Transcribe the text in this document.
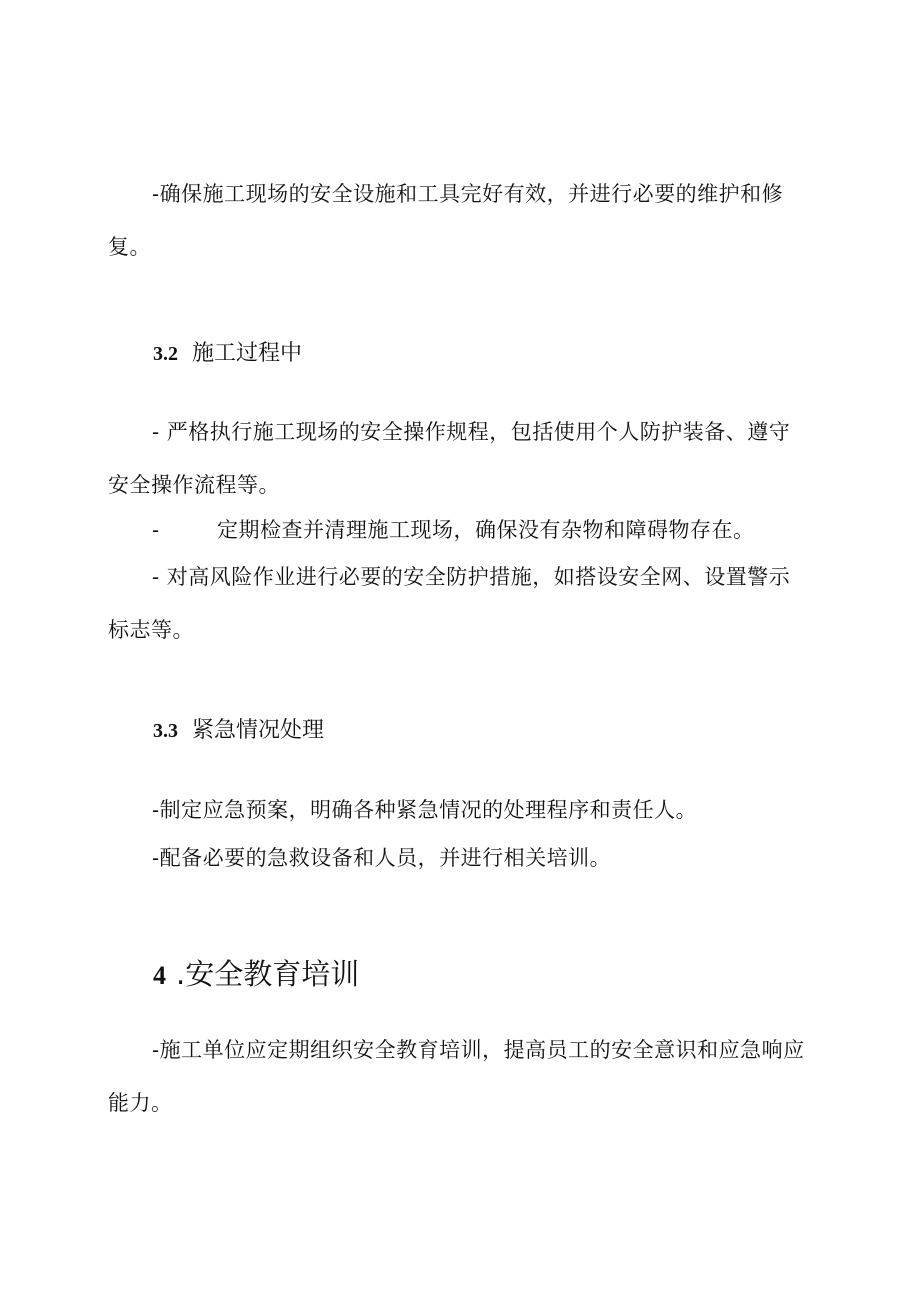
-确保施工现场的安全设施和工具完好有效，并进行必要的维护和修复。

3.2 施工过程中

- 严格执行施工现场的安全操作规程，包括使用个人防护装备、遵守安全操作流程等。

-        定期检查并清理施工现场，确保没有杂物和障碍物存在。

- 对高风险作业进行必要的安全防护措施，如搭设安全网、设置警示标志等。

3.3 紧急情况处理

-制定应急预案，明确各种紧急情况的处理程序和责任人。

-配备必要的急救设备和人员，并进行相关培训。

4 .安全教育培训

-施工单位应定期组织安全教育培训，提高员工的安全意识和应急响应能力。
